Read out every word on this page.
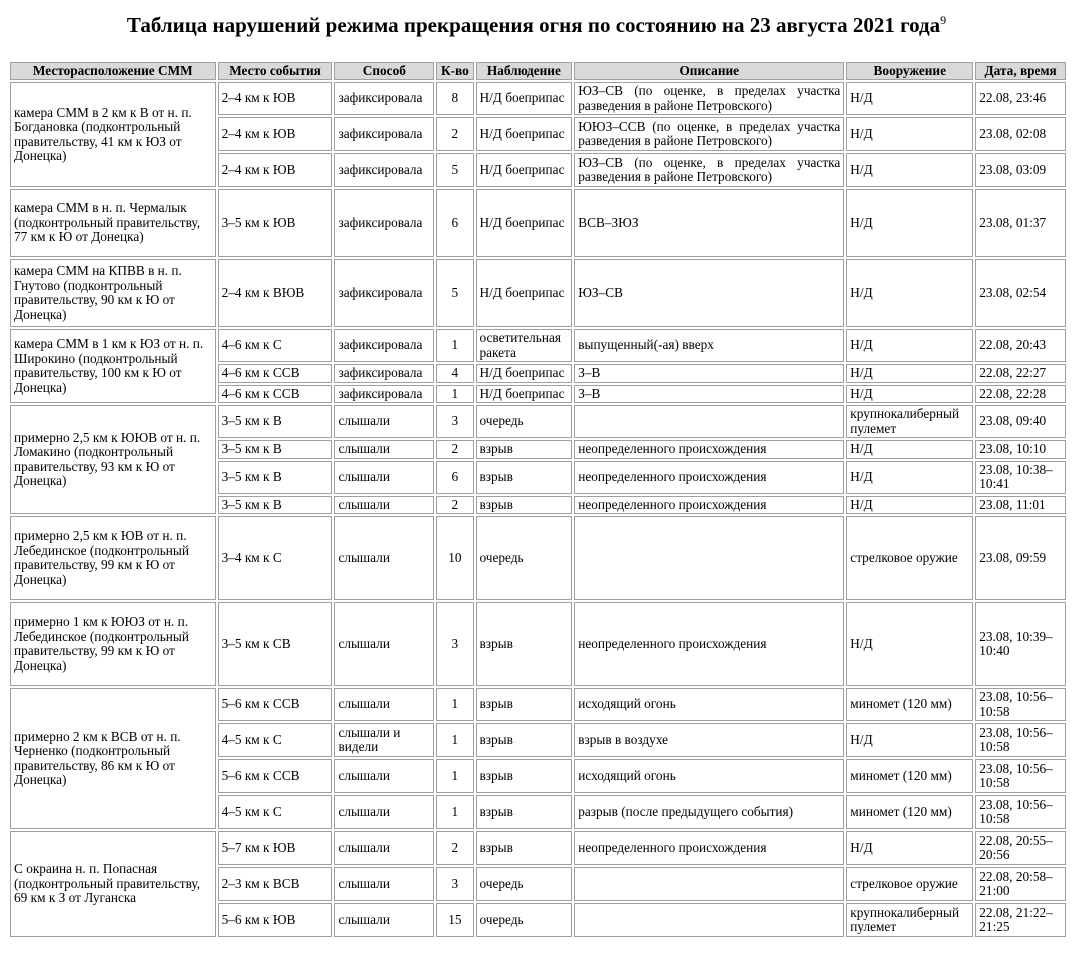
Таблица нарушений режима прекращения огня по состоянию на 23 августа 2021 года$^9$
Месторасположение СММ	Место события	Способ	К-во	Наблюдение	Описание	Вооружение	Дата, время
камера СММ в 2 км к В от н. п. Богдановка (подконтрольный правительству, 41 км к ЮЗ от Донецка)	2–4 км к ЮВ	зафиксировала	8	Н/Д боеприпас	ЮЗ–СВ (по оценке, в пределах участка разведения в районе Петровского)	Н/Д	22.08, 23:46
	2–4 км к ЮВ	зафиксировала	2	Н/Д боеприпас	ЮЮЗ–ССВ (по оценке, в пределах участка разведения в районе Петровского)	Н/Д	23.08, 02:08
	2–4 км к ЮВ	зафиксировала	5	Н/Д боеприпас	ЮЗ–СВ (по оценке, в пределах участка разведения в районе Петровского)	Н/Д	23.08, 03:09
камера СММ в н. п. Чермалык (подконтрольный правительству, 77 км к Ю от Донецка)	3–5 км к ЮВ	зафиксировала	6	Н/Д боеприпас	ВСВ–ЗЮЗ	Н/Д	23.08, 01:37
камера СММ на КПВВ в н. п. Гнутово (подконтрольный правительству, 90 км к Ю от Донецка)	2–4 км к ВЮВ	зафиксировала	5	Н/Д боеприпас	ЮЗ–СВ	Н/Д	23.08, 02:54
камера СММ в 1 км к ЮЗ от н. п. Широкино (подконтрольный правительству, 100 км к Ю от Донецка)	4–6 км к С	зафиксировала	1	осветительная ракета	выпущенный(-ая) вверх	Н/Д	22.08, 20:43
	4–6 км к ССВ	зафиксировала	4	Н/Д боеприпас	З–В	Н/Д	22.08, 22:27
	4–6 км к ССВ	зафиксировала	1	Н/Д боеприпас	З–В	Н/Д	22.08, 22:28
примерно 2,5 км к ЮЮВ от н. п. Ломакино (подконтрольный правительству, 93 км к Ю от Донецка)	3–5 км к В	слышали	3	очередь		крупнокалиберный пулемет	23.08, 09:40
	3–5 км к В	слышали	2	взрыв	неопределенного происхождения	Н/Д	23.08, 10:10
	3–5 км к В	слышали	6	взрыв	неопределенного происхождения	Н/Д	23.08, 10:38–10:41
	3–5 км к В	слышали	2	взрыв	неопределенного происхождения	Н/Д	23.08, 11:01
примерно 2,5 км к ЮВ от н. п. Лебединское (подконтрольный правительству, 99 км к Ю от Донецка)	3–4 км к С	слышали	10	очередь		стрелковое оружие	23.08, 09:59
примерно 1 км к ЮЮЗ от н. п. Лебединское (подконтрольный правительству, 99 км к Ю от Донецка)	3–5 км к СВ	слышали	3	взрыв	неопределенного происхождения	Н/Д	23.08, 10:39–10:40
примерно 2 км к ВСВ от н. п. Черненко (подконтрольный правительству, 86 км к Ю от Донецка)	5–6 км к ССВ	слышали	1	взрыв	исходящий огонь	миномет (120 мм)	23.08, 10:56–10:58
	4–5 км к С	слышали и видели	1	взрыв	взрыв в воздухе	Н/Д	23.08, 10:56–10:58
	5–6 км к ССВ	слышали	1	взрыв	исходящий огонь	миномет (120 мм)	23.08, 10:56–10:58
	4–5 км к С	слышали	1	взрыв	разрыв (после предыдущего события)	миномет (120 мм)	23.08, 10:56–10:58
С окраина н. п. Попасная (подконтрольный правительству, 69 км к З от Луганска	5–7 км к ЮВ	слышали	2	взрыв	неопределенного происхождения	Н/Д	22.08, 20:55–20:56
	2–3 км к ВСВ	слышали	3	очередь		стрелковое оружие	22.08, 20:58–21:00
	5–6 км к ЮВ	слышали	15	очередь		крупнокалиберный пулемет	22.08, 21:22–21:25
